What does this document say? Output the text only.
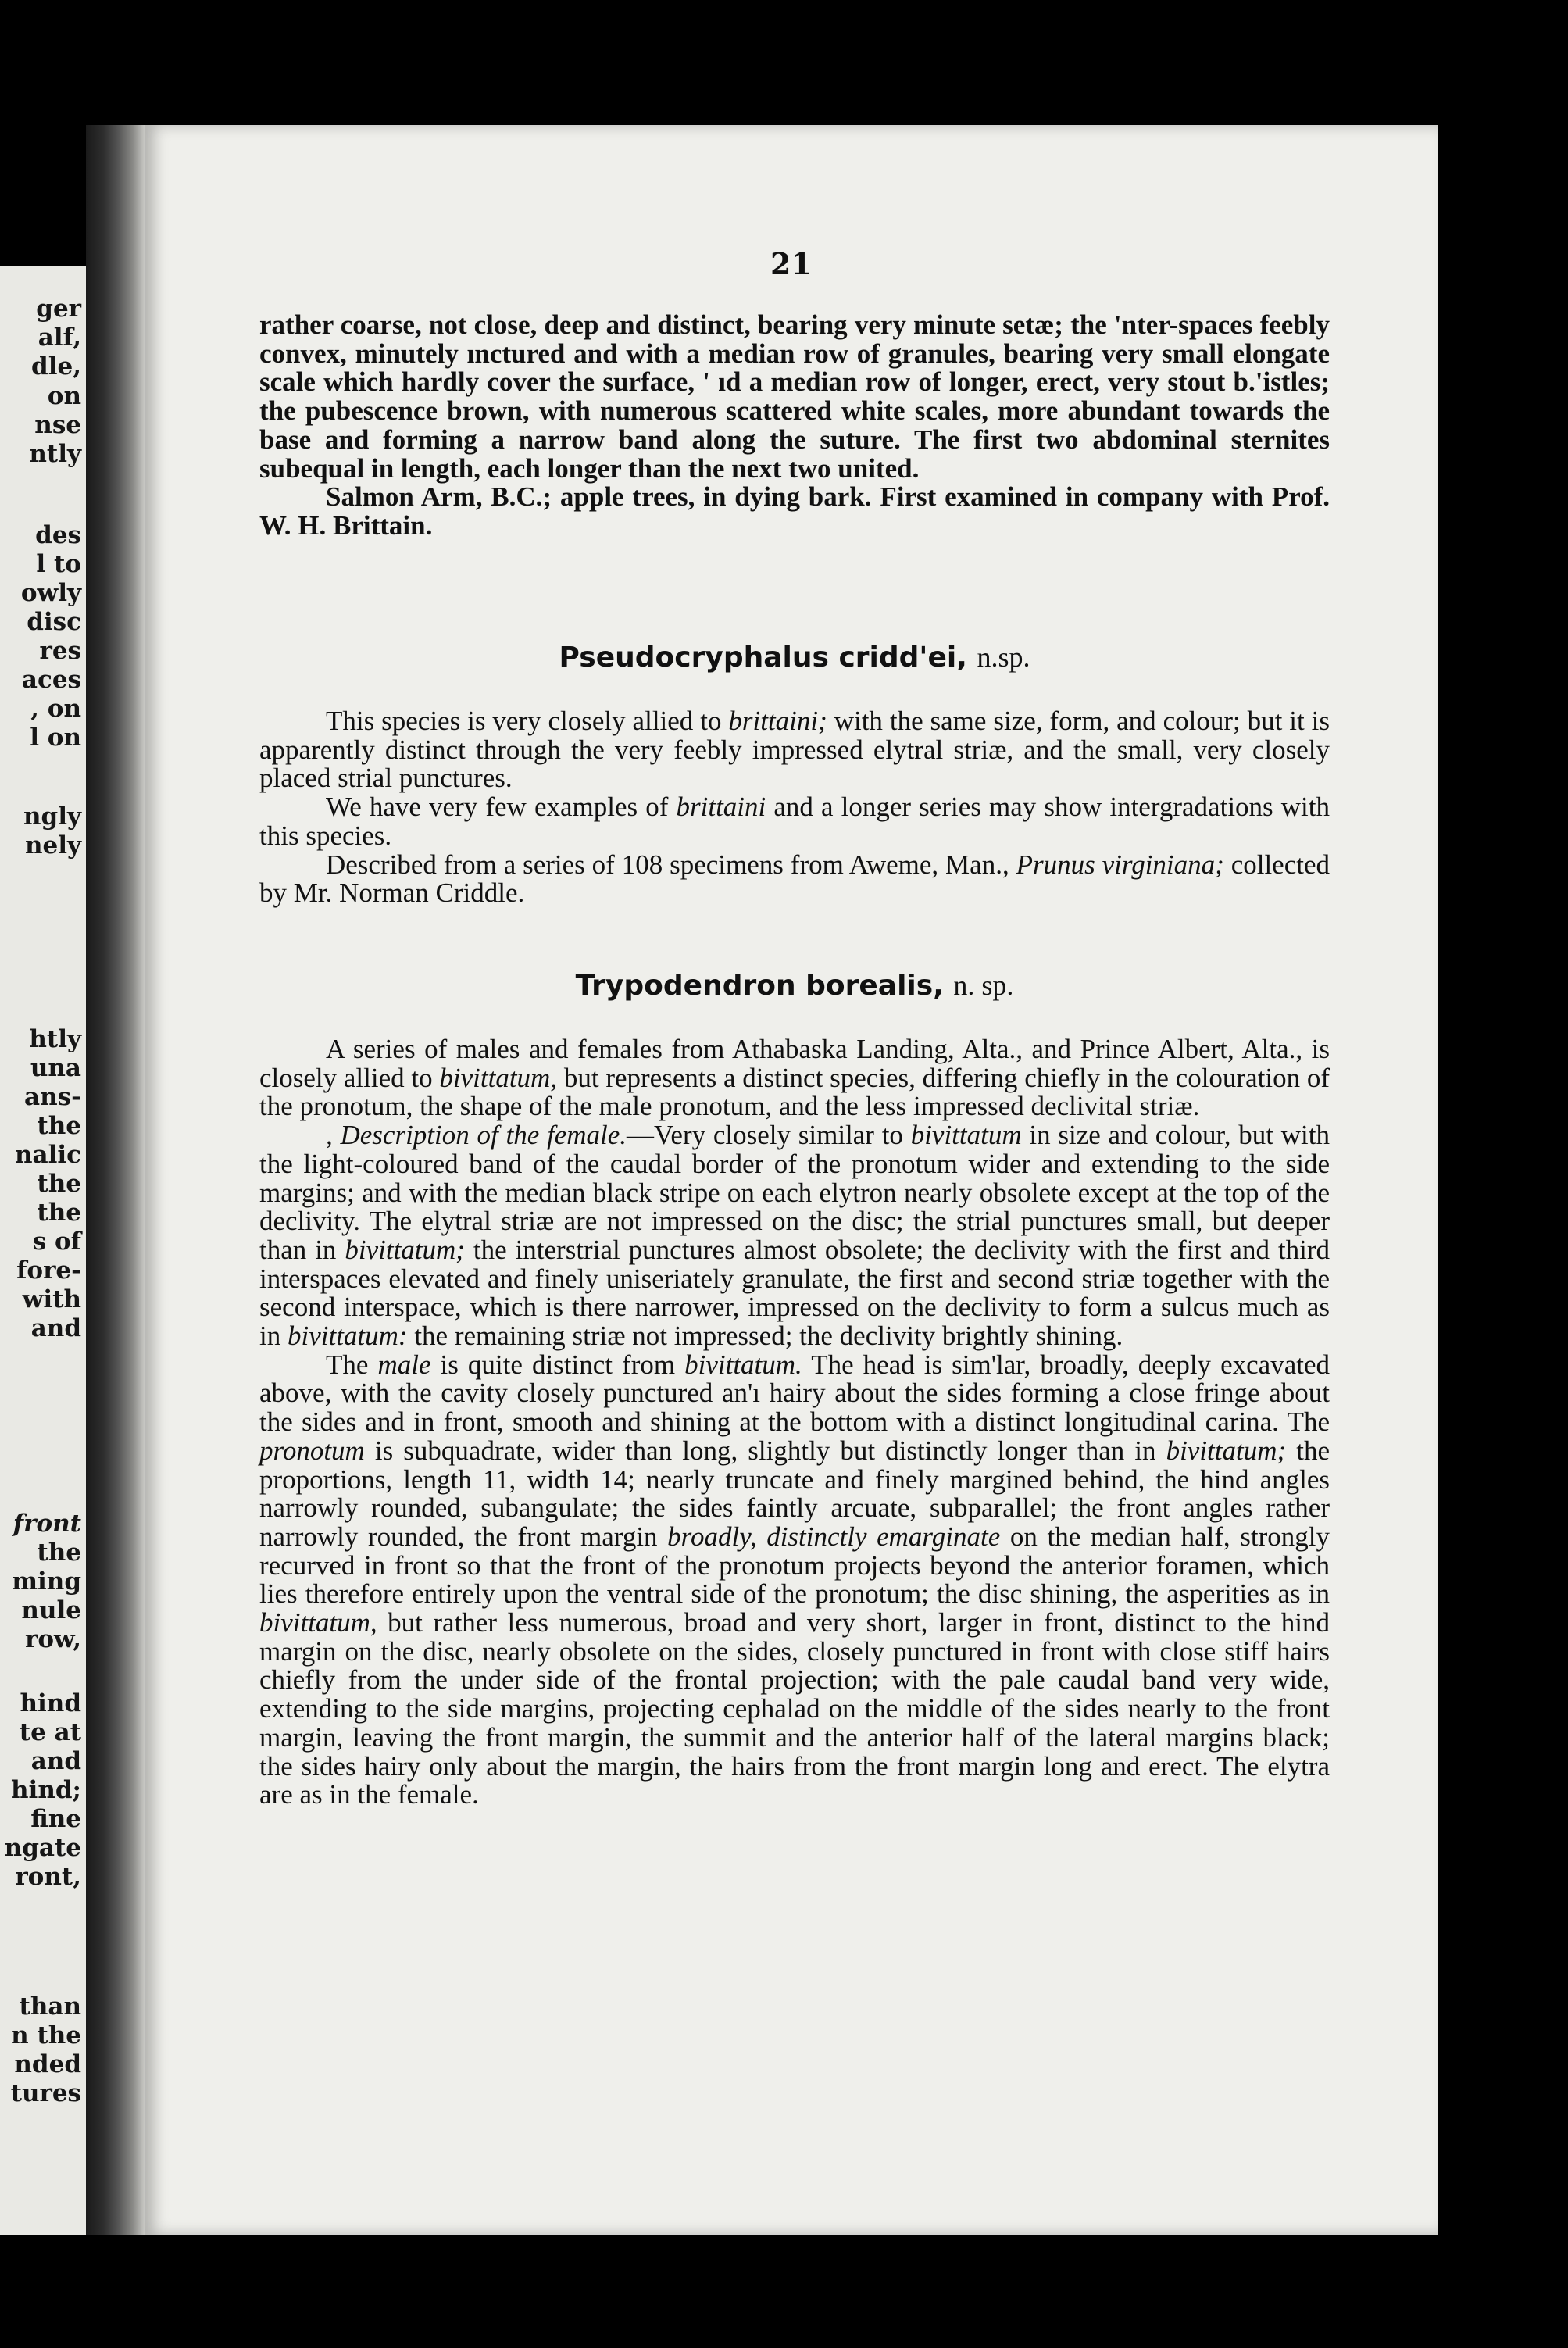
ger
alf,
dle,
on
nse
ntly
des
l to
owly
disc
res
aces
, on
l on
ngly
nely
htly
una
ans-
the
nalic
the
the
s of
fore-
with
and
front
the
ming
nule
row,
hind
te at
and
hind;
fine
ngate
ront,
than
n the
nded
tures
21

rather coarse, not close, deep and distinct, bearing very minute setæ; the 'nter-spaces feebly convex, minutely ınctured and with a median row of granules, bearing very small elongate scale which hardly cover the surface, ' ıd a median row of longer, erect, very stout b.'istles; the pubescence brown, with numerous scattered white scales, more abundant towards the base and forming a narrow band along the suture. The first two abdominal sternites subequal in length, each longer than the next two united.

Salmon Arm, B.C.; apple trees, in dying bark. First examined in company with Prof. W. H. Brittain.

Pseudocryphalus cridd'ei, n.sp.

This species is very closely allied to brittaini; with the same size, form, and colour; but it is apparently distinct through the very feebly impressed elytral striæ, and the small, very closely placed strial punctures.

We have very few examples of brittaini and a longer series may show intergradations with this species.

Described from a series of 108 specimens from Aweme, Man., Prunus virginiana; collected by Mr. Norman Criddle.

Trypodendron borealis, n. sp.

A series of males and females from Athabaska Landing, Alta., and Prince Albert, Alta., is closely allied to bivittatum, but represents a distinct species, differing chiefly in the colouration of the pronotum, the shape of the male pronotum, and the less impressed declivital striæ.

, Description of the female.—Very closely similar to bivittatum in size and colour, but with the light-coloured band of the caudal border of the pronotum wider and extending to the side margins; and with the median black stripe on each elytron nearly obsolete except at the top of the declivity. The elytral striæ are not impressed on the disc; the strial punctures small, but deeper than in bivittatum; the interstrial punctures almost obsolete; the declivity with the first and third interspaces elevated and finely uniseriately granulate, the first and second striæ together with the second interspace, which is there narrower, impressed on the declivity to form a sulcus much as in bivittatum: the remaining striæ not impressed; the declivity brightly shining.

The male is quite distinct from bivittatum. The head is sim'lar, broadly, deeply excavated above, with the cavity closely punctured an'ı hairy about the sides forming a close fringe about the sides and in front, smooth and shining at the bottom with a distinct longitudinal carina. The pronotum is subquadrate, wider than long, slightly but distinctly longer than in bivittatum; the proportions, length 11, width 14; nearly truncate and finely margined behind, the hind angles narrowly rounded, subangulate; the sides faintly arcuate, subparallel; the front angles rather narrowly rounded, the front margin broadly, distinctly emarginate on the median half, strongly recurved in front so that the front of the pronotum projects beyond the anterior foramen, which lies therefore entirely upon the ventral side of the pronotum; the disc shining, the asperities as in bivittatum, but rather less numerous, broad and very short, larger in front, distinct to the hind margin on the disc, nearly obsolete on the sides, closely punctured in front with close stiff hairs chiefly from the under side of the frontal projection; with the pale caudal band very wide, extending to the side margins, projecting cephalad on the middle of the sides nearly to the front margin, leaving the front margin, the summit and the anterior half of the lateral margins black; the sides hairy only about the margin, the hairs from the front margin long and erect. The elytra are as in the female.
